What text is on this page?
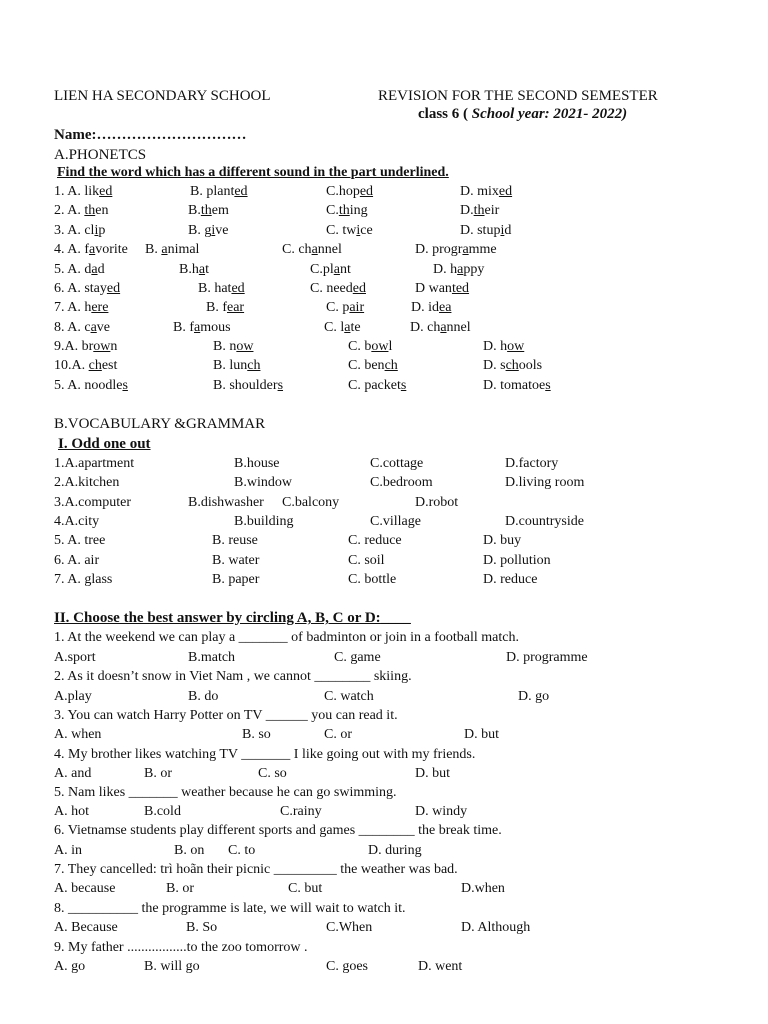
LIEN HA SECONDARY SCHOOL	REVISION FOR THE SECOND SEMESTER
class 6 ( School year: 2021- 2022)
Name:…………………………
A.PHONETCS
Find the word which has a different sound in the part underlined.
1. A. liked	B. planted	C.hoped	D. mixed
2. A. then	B.them	C.thing	D.their
3. A. clip	B. give	C. twice	D. stupid
4. A. favorite B. animal	C. channel	D. programme
5. A. dad	B.hat	C.plant	D. happy
6. A. stayed	B. hated	C. needed	D wanted
7. A. here	B. fear	C. pair	D. idea
8. A. cave	B. famous	C. late	D. channel
9.A. brown	B. now	C. bowl	D. how
10.A. chest	B. lunch	C. bench	D. schools
5. A. noodles	B. shoulders	C. packets	D. tomatoes
B.VOCABULARY &GRAMMAR
I. Odd one out
1.A.apartment	B.house	C.cottage	D.factory
2.A.kitchen	B.window	C.bedroom	D.living room
3.A.computer	B.dishwasher C.balcony	D.robot
4.A.city	B.building	C.village	D.countryside
5. A. tree	B. reuse	C. reduce	D. buy
6. A. air	B. water	C. soil	D. pollution
7. A. glass	B. paper	C. bottle	D. reduce
II. Choose the best answer by circling A, B, C or D:____
1. At the weekend we can play a _______ of badminton or join in a football match.
A.sport	B.match	C. game	D. programme
2. As it doesn’t snow in Viet Nam , we cannot ________ skiing.
A.play	B. do	C. watch	D. go
3. You can watch Harry Potter on TV ______ you can read it.
A. when	B. so	C. or	D. but
4. My brother likes watching TV _______ I like going out with my friends.
A. and	B. or	C. so	D. but
5. Nam likes _______ weather because he can go swimming.
A. hot	B.cold	C.rainy	D. windy
6. Vietnamse students play different sports and games ________ the break time.
A. in	B. on C. to	D. during
7. They cancelled: trì hoãn their picnic _________ the weather was bad.
A. because	B. or	C. but	D.when
8. __________ the programme is late, we will wait to watch it.
A. Because	B. So	C.When	D. Although
9. My father .................to the zoo tomorrow .
A. go	B. will go	C. goes	D. went
